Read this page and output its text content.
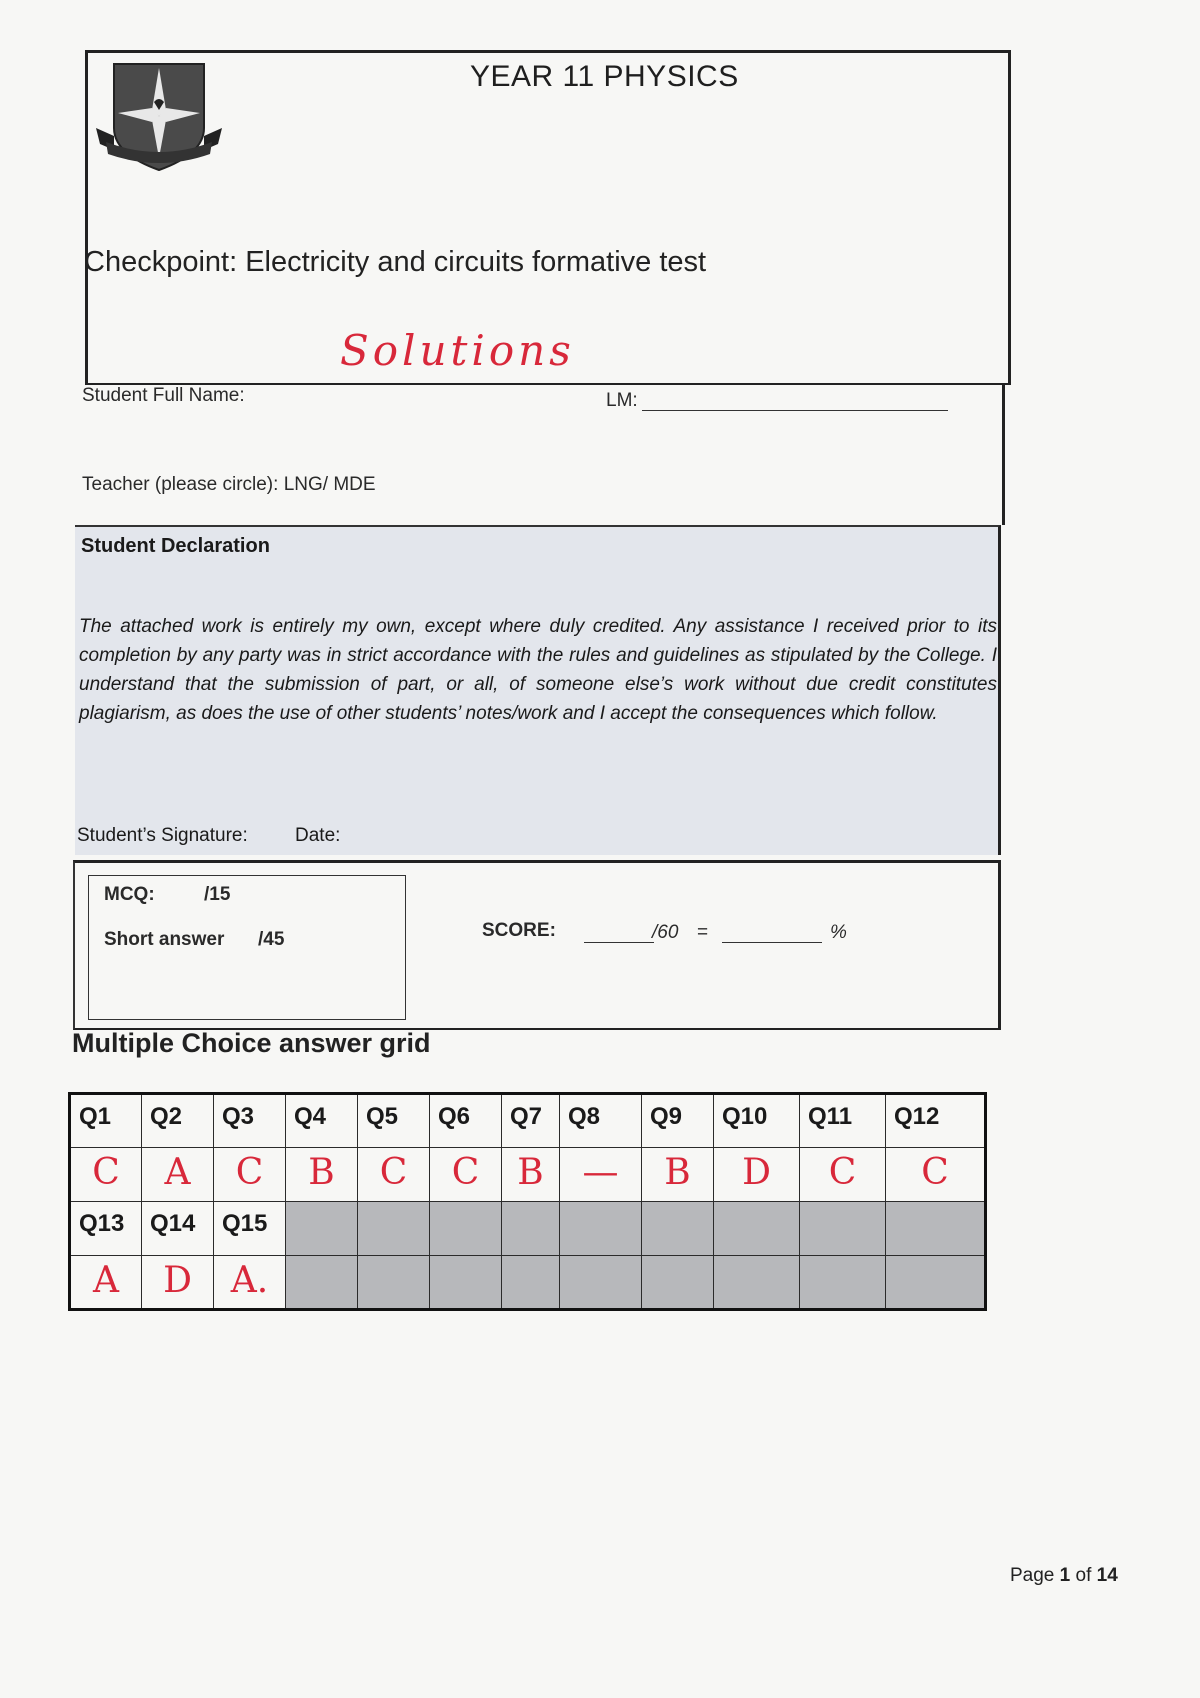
YEAR 11 PHYSICS
Checkpoint: Electricity and circuits formative test
Solutions
Student Full Name:	LM:
Teacher (please circle): LNG/ MDE
Student Declaration
The attached work is entirely my own, except where duly credited. Any assistance I received prior to its completion by any party was in strict accordance with the rules and guidelines as stipulated by the College. I understand that the submission of part, or all, of someone else’s work without due credit constitutes plagiarism, as does the use of other students’ notes/work and I accept the consequences which follow.
Student’s Signature: Date:
MCQ:	/15
Short answer /45	SCORE:	/60 =	%
Multiple Choice answer grid
Q1	Q2	Q3	Q4	Q5	Q6	Q7	Q8	Q9	Q10	Q11	Q12
C	A	C	B	C	C	B	—	B	D	C	C
Q13	Q14	Q15									
A	D	A.									
Page 1 of 14
